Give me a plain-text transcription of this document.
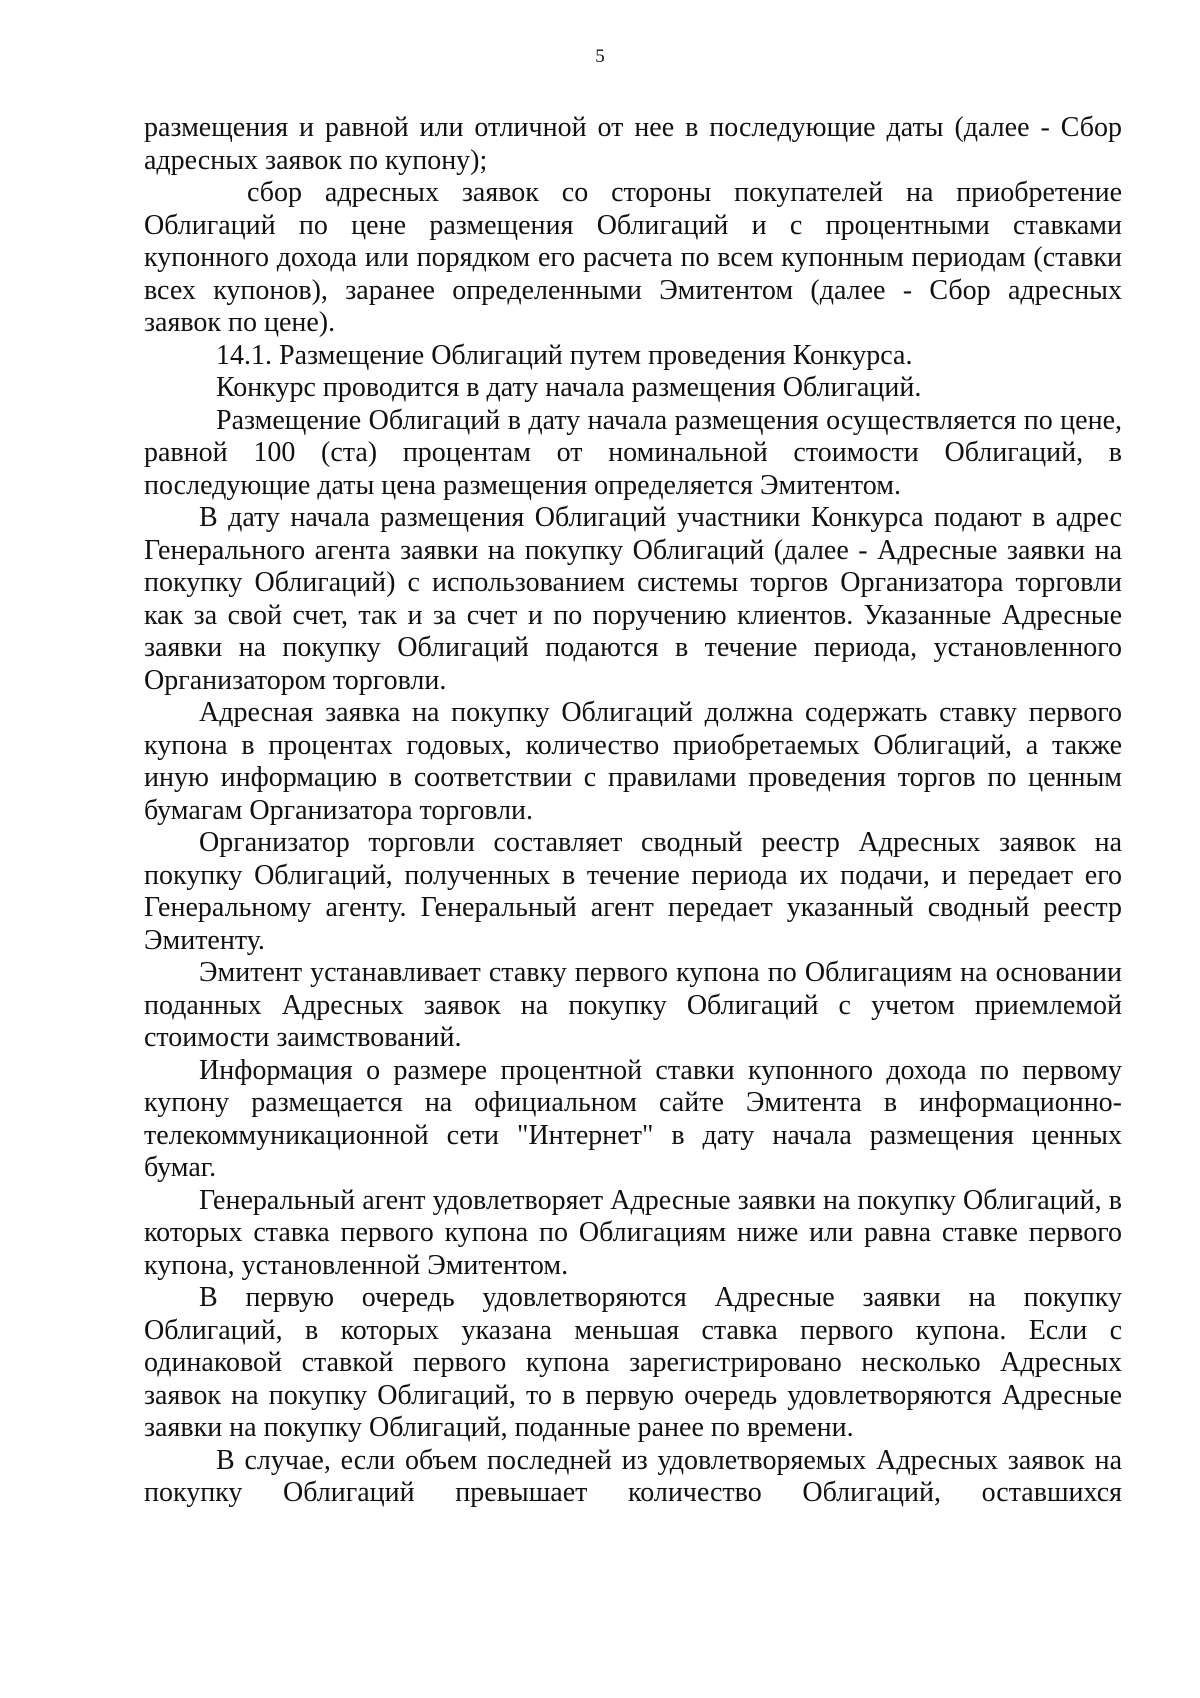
5

размещения и равной или отличной от нее в последующие даты (далее - Сбор адресных заявок по купону);

сбор адресных заявок со стороны покупателей на приобретение Облигаций по цене размещения Облигаций и с процентными ставками купонного дохода или порядком его расчета по всем купонным периодам (ставки всех купонов), заранее определенными Эмитентом (далее - Сбор адресных заявок по цене).

14.1. Размещение Облигаций путем проведения Конкурса.

Конкурс проводится в дату начала размещения Облигаций.

Размещение Облигаций в дату начала размещения осуществляется по цене, равной 100 (ста) процентам от номинальной стоимости Облигаций, в последующие даты цена размещения определяется Эмитентом.

В дату начала размещения Облигаций участники Конкурса подают в адрес Генерального агента заявки на покупку Облигаций (далее - Адресные заявки на покупку Облигаций) с использованием системы торгов Организатора торговли как за свой счет, так и за счет и по поручению клиентов. Указанные Адресные заявки на покупку Облигаций подаются в течение периода, установленного Организатором торговли.

Адресная заявка на покупку Облигаций должна содержать ставку первого купона в процентах годовых, количество приобретаемых Облигаций, а также иную информацию в соответствии с правилами проведения торгов по ценным бумагам Организатора торговли.

Организатор торговли составляет сводный реестр Адресных заявок на покупку Облигаций, полученных в течение периода их подачи, и передает его Генеральному агенту. Генеральный агент передает указанный сводный реестр Эмитенту.

Эмитент устанавливает ставку первого купона по Облигациям на основании поданных Адресных заявок на покупку Облигаций с учетом приемлемой стоимости заимствований.

Информация о размере процентной ставки купонного дохода по первому купону размещается на официальном сайте Эмитента в информационно-телекоммуникационной сети "Интернет" в дату начала размещения ценных бумаг.

Генеральный агент удовлетворяет Адресные заявки на покупку Облигаций, в которых ставка первого купона по Облигациям ниже или равна ставке первого купона, установленной Эмитентом.

В первую очередь удовлетворяются Адресные заявки на покупку Облигаций, в которых указана меньшая ставка первого купона. Если с одинаковой ставкой первого купона зарегистрировано несколько Адресных заявок на покупку Облигаций, то в первую очередь удовлетворяются Адресные заявки на покупку Облигаций, поданные ранее по времени.

В случае, если объем последней из удовлетворяемых Адресных заявок на покупку Облигаций превышает количество Облигаций, оставшихся
